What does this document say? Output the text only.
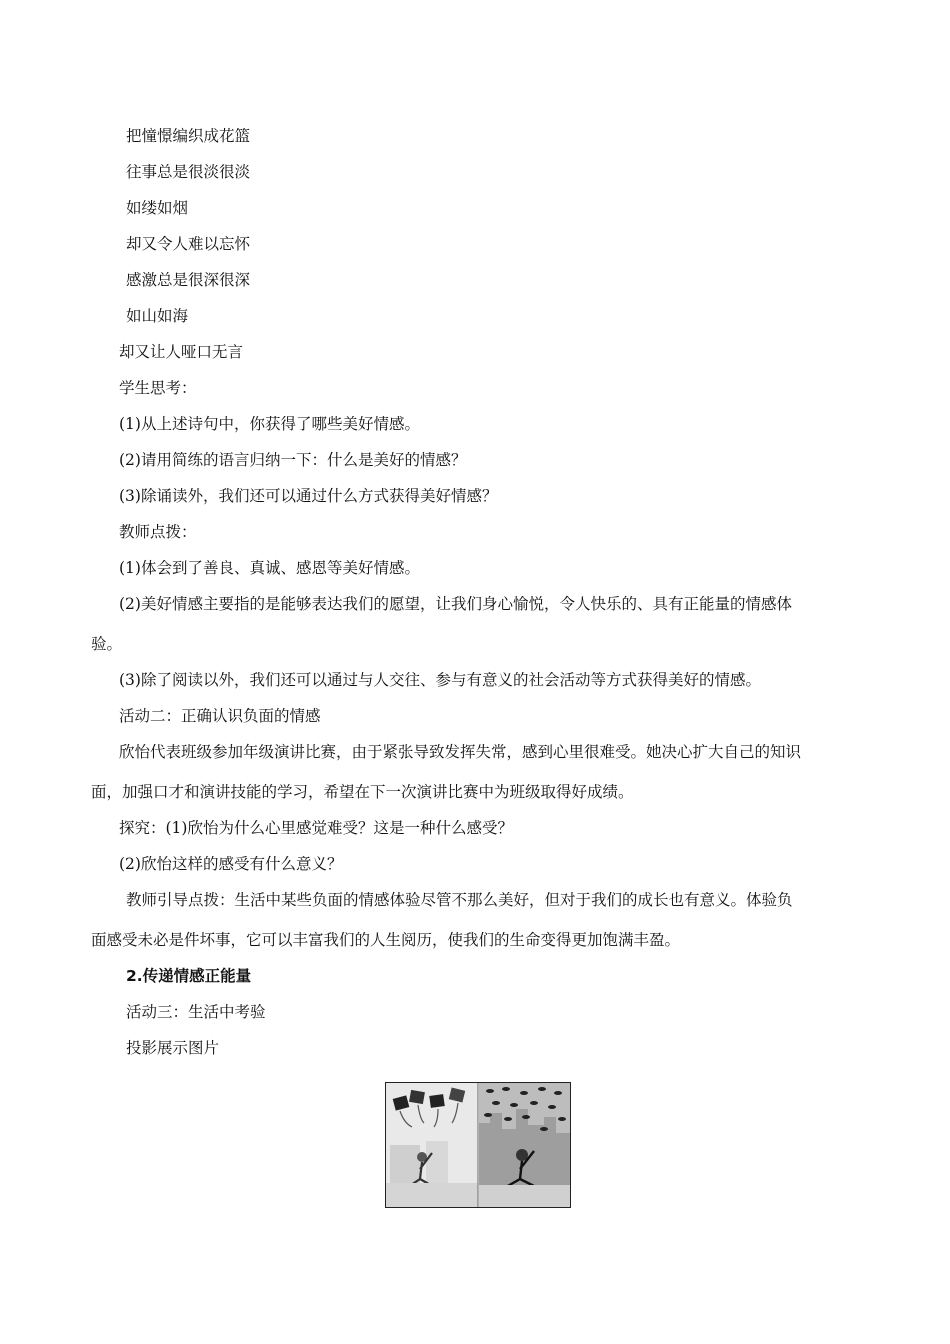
把憧憬编织成花篮
往事总是很淡很淡
如缕如烟
却又令人难以忘怀
感激总是很深很深
如山如海
却又让人哑口无言
学生思考：
(1)从上述诗句中，你获得了哪些美好情感。
(2)请用简练的语言归纳一下：什么是美好的情感？
(3)除诵读外，我们还可以通过什么方式获得美好情感？
教师点拨：
(1)体会到了善良、真诚、感恩等美好情感。
(2)美好情感主要指的是能够表达我们的愿望，让我们身心愉悦，令人快乐的、具有正能量的情感体
验。
(3)除了阅读以外，我们还可以通过与人交往、参与有意义的社会活动等方式获得美好的情感。
活动二：正确认识负面的情感
欣怡代表班级参加年级演讲比赛，由于紧张导致发挥失常，感到心里很难受。她决心扩大自己的知识
面，加强口才和演讲技能的学习，希望在下一次演讲比赛中为班级取得好成绩。
探究：(1)欣怡为什么心里感觉难受？这是一种什么感受？
(2)欣怡这样的感受有什么意义？
教师引导点拨：生活中某些负面的情感体验尽管不那么美好，但对于我们的成长也有意义。体验负
面感受未必是件坏事，它可以丰富我们的人生阅历，使我们的生命变得更加饱满丰盈。
2.传递情感正能量
活动三：生活中考验
投影展示图片
